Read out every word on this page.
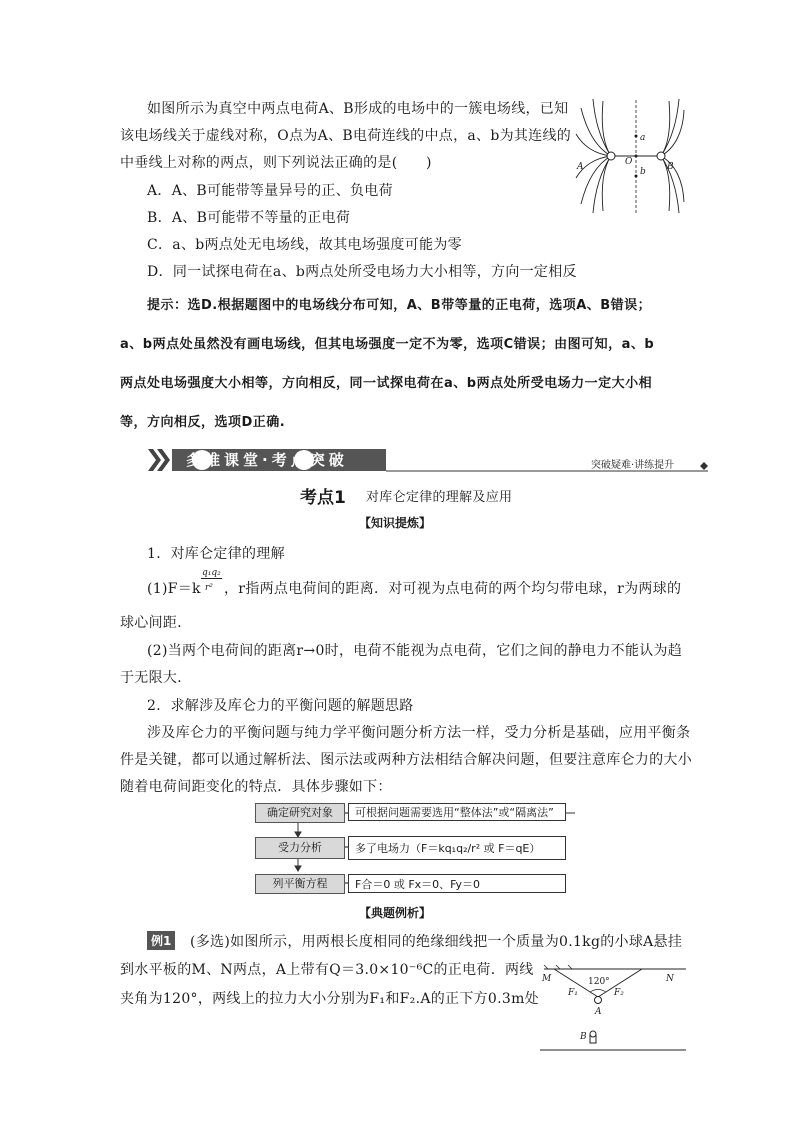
如图所示为真空中两点电荷A、B形成的电场中的一簇电场线，已知
该电场线关于虚线对称，O点为A、B电荷连线的中点，a、b为其连线的
中垂线上对称的两点，则下列说法正确的是(　　)
A．A、B可能带等量异号的正、负电荷
B．A、B可能带不等量的正电荷
C．a、b两点处无电场线，故其电场强度可能为零
D．同一试探电荷在a、b两点处所受电场力大小相等，方向一定相反
A	B
O
a
b
提示：选D.根据题图中的电场线分布可知，A、B带等量的正电荷，选项A、B错误；
a、b两点处虽然没有画电场线，但其电场强度一定不为零，选项C错误；由图可知，a、b
两点处电场强度大小相等，方向相反，同一试探电荷在a、b两点处所受电场力一定大小相
等，方向相反，选项D正确.
多维课堂·考点突破	突破疑难·讲练提升
考点1 对库仑定律的理解及应用
【知识提炼】
1．对库仑定律的理解
(1)F＝k
q₁q₂
r² ，r指两点电荷间的距离．对可视为点电荷的两个均匀带电球，r为两球的
球心间距．
(2)当两个电荷间的距离r→0时，电荷不能视为点电荷，它们之间的静电力不能认为趋
于无限大．
2．求解涉及库仑力的平衡问题的解题思路
涉及库仑力的平衡问题与纯力学平衡问题分析方法一样，受力分析是基础，应用平衡条
件是关键，都可以通过解析法、图示法或两种方法相结合解决问题，但要注意库仑力的大小
随着电荷间距变化的特点．具体步骤如下：
确定研究对象	可根据问题需要选用“整体法”或“隔离法”
受力分析	多了电场力（F＝kq₁q₂/r² 或 F＝qE）
列平衡方程	F合＝0 或 Fx＝0、Fy＝0
【典题例析】
例1 (多选)如图所示，用两根长度相同的绝缘细线把一个质量为0.1kg的小球A悬挂
到水平板的M、N两点，A上带有Q＝3.0×10⁻⁶C的正电荷．两线
夹角为120°，两线上的拉力大小分别为F₁和F₂.A的正下方0.3m处
M	N
120°
F₁	F₂
A
B
